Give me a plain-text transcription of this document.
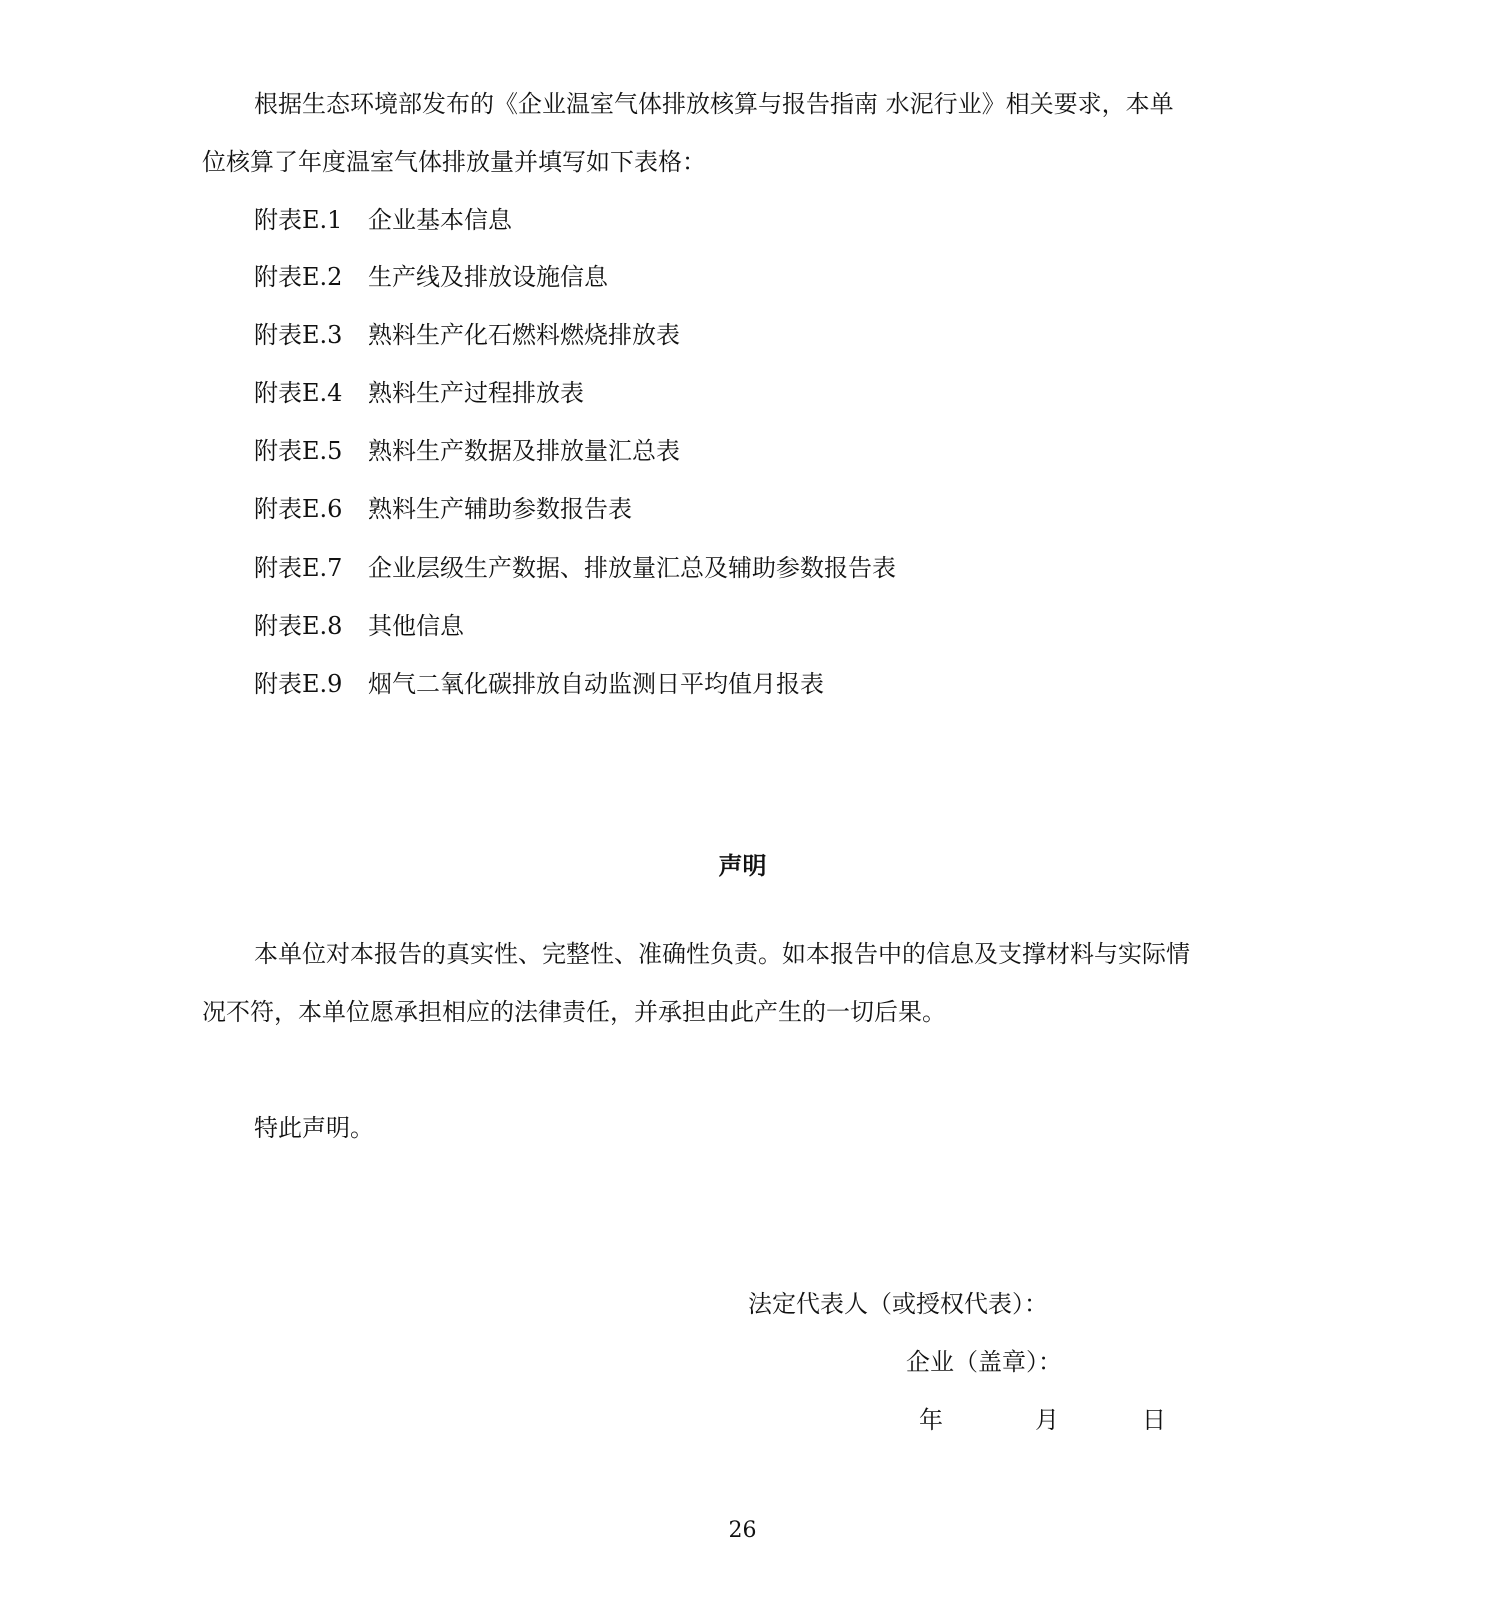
根据生态环境部发布的《企业温室气体排放核算与报告指南 水泥行业》相关要求，本单
位核算了年度温室气体排放量并填写如下表格：
附表E.1 企业基本信息
附表E.2 生产线及排放设施信息
附表E.3 熟料生产化石燃料燃烧排放表
附表E.4 熟料生产过程排放表
附表E.5 熟料生产数据及排放量汇总表
附表E.6 熟料生产辅助参数报告表
附表E.7 企业层级生产数据、排放量汇总及辅助参数报告表
附表E.8 其他信息
附表E.9 烟气二氧化碳排放自动监测日平均值月报表
声明
本单位对本报告的真实性、完整性、准确性负责。如本报告中的信息及支撑材料与实际情
况不符，本单位愿承担相应的法律责任，并承担由此产生的一切后果。
特此声明。
法定代表人（或授权代表）：
企业（盖章）：
年	月	日
26
